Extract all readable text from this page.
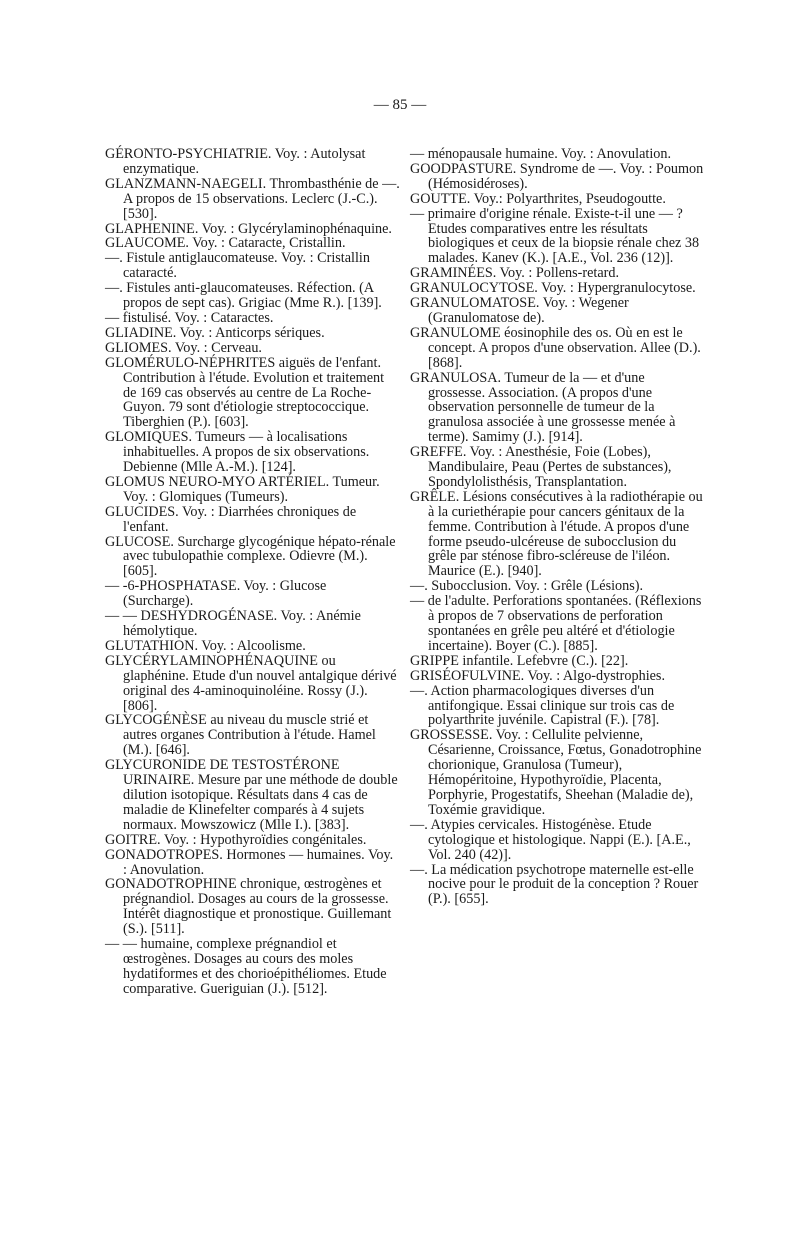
— 85 —

GÉRONTO-PSYCHIATRIE. Voy. : Autolysat enzymatique.

GLANZMANN-NAEGELI. Thrombasthénie de —. A propos de 15 observations. Leclerc (J.-C.). [530].

GLAPHENINE. Voy. : Glycérylaminophénaquine.

GLAUCOME. Voy. : Cataracte, Cristallin.

—. Fistule antiglaucomateuse. Voy. : Cristallin cataracté.

—. Fistules anti-glaucomateuses. Réfection. (A propos de sept cas). Grigiac (Mme R.). [139].

— fistulisé. Voy. : Cataractes.

GLIADINE. Voy. : Anticorps sériques.

GLIOMES. Voy. : Cerveau.

GLOMÉRULO-NÉPHRITES aiguës de l'enfant. Contribution à l'étude. Evolution et traitement de 169 cas observés au centre de La Roche-Guyon. 79 sont d'étiologie streptococcique. Tiberghien (P.). [603].

GLOMIQUES. Tumeurs — à localisations inhabituelles. A propos de six observations. Debienne (Mlle A.-M.). [124].

GLOMUS NEURO-MYO ARTÉRIEL. Tumeur. Voy. : Glomiques (Tumeurs).

GLUCIDES. Voy. : Diarrhées chroniques de l'enfant.

GLUCOSE. Surcharge glycogénique hépato-rénale avec tubulopathie complexe. Odievre (M.). [605].

— -6-PHOSPHATASE. Voy. : Glucose (Surcharge).

— — DESHYDROGÉNASE. Voy. : Anémie hémolytique.

GLUTATHION. Voy. : Alcoolisme.

GLYCÉRYLAMINOPHÉNAQUINE ou glaphénine. Etude d'un nouvel antalgique dérivé original des 4-aminoquinoléine. Rossy (J.). [806].

GLYCOGÉNÈSE au niveau du muscle strié et autres organes Contribution à l'étude. Hamel (M.). [646].

GLYCURONIDE DE TESTOSTÉRONE URINAIRE. Mesure par une méthode de double dilution isotopique. Résultats dans 4 cas de maladie de Klinefelter comparés à 4 sujets normaux. Mowszowicz (Mlle I.). [383].

GOITRE. Voy. : Hypothyroïdies congénitales.

GONADOTROPES. Hormones — humaines. Voy. : Anovulation.

GONADOTROPHINE chronique, œstrogènes et prégnandiol. Dosages au cours de la grossesse. Intérêt diagnostique et pronostique. Guillemant (S.). [511].

— — humaine, complexe prégnandiol et œstrogènes. Dosages au cours des moles hydatiformes et des chorioépithéliomes. Etude comparative. Gueriguian (J.). [512].

— ménopausale humaine. Voy. : Anovulation.

GOODPASTURE. Syndrome de —. Voy. : Poumon (Hémosidéroses).

GOUTTE. Voy.: Polyarthrites, Pseudogoutte.

— primaire d'origine rénale. Existe-t-il une — ? Etudes comparatives entre les résultats biologiques et ceux de la biopsie rénale chez 38 malades. Kanev (K.). [A.E., Vol. 236 (12)].

GRAMINÉES. Voy. : Pollens-retard.

GRANULOCYTOSE. Voy. : Hypergranulocytose.

GRANULOMATOSE. Voy. : Wegener (Granulomatose de).

GRANULOME éosinophile des os. Où en est le concept. A propos d'une observation. Allee (D.). [868].

GRANULOSA. Tumeur de la — et d'une grossesse. Association. (A propos d'une observation personnelle de tumeur de la granulosa associée à une grossesse menée à terme). Samimy (J.). [914].

GREFFE. Voy. : Anesthésie, Foie (Lobes), Mandibulaire, Peau (Pertes de substances), Spondylolisthésis, Transplantation.

GRÊLE. Lésions consécutives à la radiothérapie ou à la curiethérapie pour cancers génitaux de la femme. Contribution à l'étude. A propos d'une forme pseudo-ulcéreuse de subocclusion du grêle par sténose fibro-scléreuse de l'iléon. Maurice (E.). [940].

—. Subocclusion. Voy. : Grêle (Lésions).

— de l'adulte. Perforations spontanées. (Réflexions à propos de 7 observations de perforation spontanées en grêle peu altéré et d'étiologie incertaine). Boyer (C.). [885].

GRIPPE infantile. Lefebvre (C.). [22].

GRISÉOFULVINE. Voy. : Algo-dystrophies.

—. Action pharmacologiques diverses d'un antifongique. Essai clinique sur trois cas de polyarthrite juvénile. Capistral (F.). [78].

GROSSESSE. Voy. : Cellulite pelvienne, Césarienne, Croissance, Fœtus, Gonadotrophine chorionique, Granulosa (Tumeur), Hémopéritoine, Hypothyroïdie, Placenta, Porphyrie, Progestatifs, Sheehan (Maladie de), Toxémie gravidique.

—. Atypies cervicales. Histogénèse. Etude cytologique et histologique. Nappi (E.). [A.E., Vol. 240 (42)].

—. La médication psychotrope maternelle est-elle nocive pour le produit de la conception ? Rouer (P.). [655].
